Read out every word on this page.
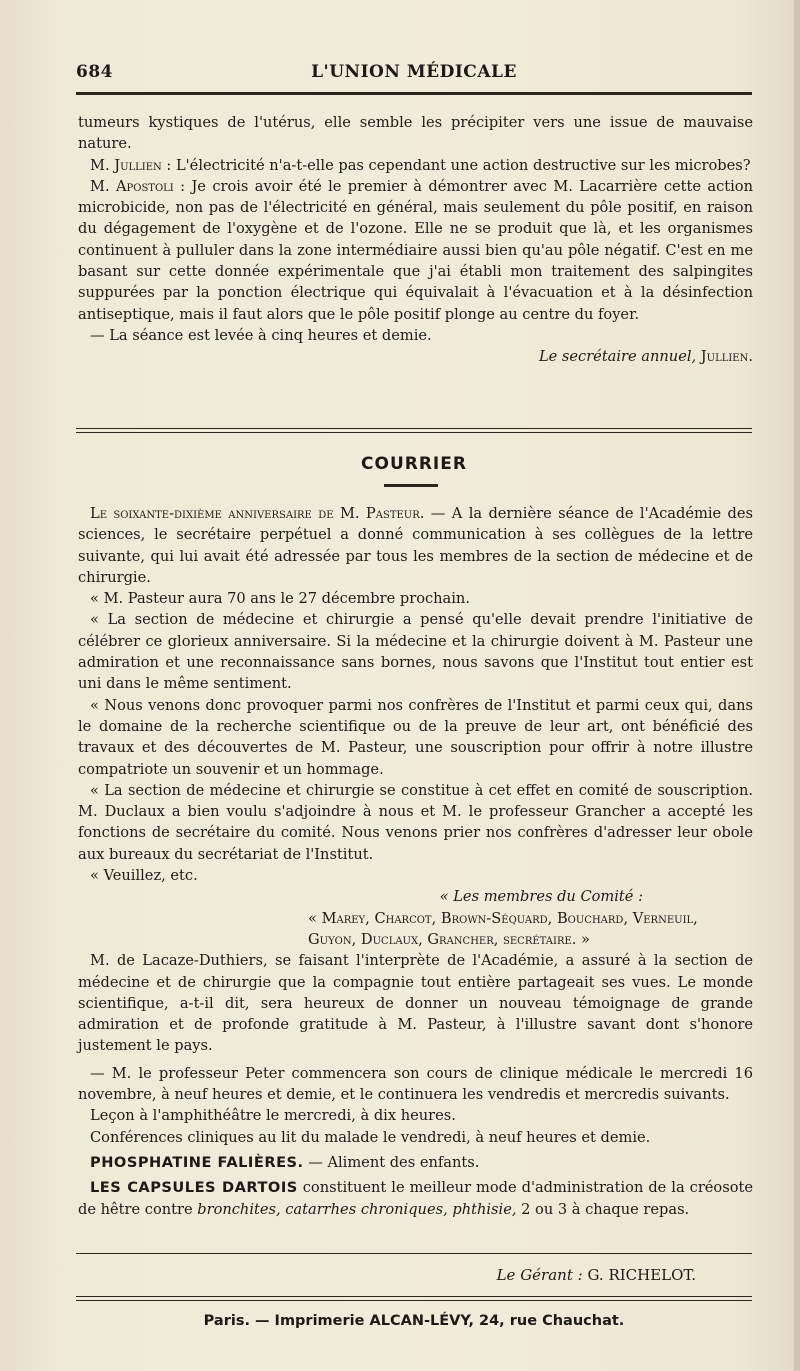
684	L'UNION MÉDICALE

tumeurs kystiques de l'utérus, elle semble les précipiter vers une issue de mauvaise nature.

M. Jullien : L'électricité n'a-t-elle pas cependant une action destructive sur les microbes?

M. Apostoli : Je crois avoir été le premier à démontrer avec M. Lacarrière cette action microbicide, non pas de l'électricité en général, mais seulement du pôle positif, en raison du dégagement de l'oxygène et de l'ozone. Elle ne se produit que là, et les organismes continuent à pulluler dans la zone intermédiaire aussi bien qu'au pôle négatif. C'est en me basant sur cette donnée expérimentale que j'ai établi mon traitement des salpingites suppurées par la ponction électrique qui équivalait à l'évacuation et à la désinfection antiseptique, mais il faut alors que le pôle positif plonge au centre du foyer.

— La séance est levée à cinq heures et demie.

Le secrétaire annuel, Jullien.

COURRIER

Le soixante-dixième anniversaire de M. Pasteur. — A la dernière séance de l'Académie des sciences, le secrétaire perpétuel a donné communication à ses collègues de la lettre suivante, qui lui avait été adressée par tous les membres de la section de médecine et de chirurgie.

« M. Pasteur aura 70 ans le 27 décembre prochain.

« La section de médecine et chirurgie a pensé qu'elle devait prendre l'initiative de célébrer ce glorieux anniversaire. Si la médecine et la chirurgie doivent à M. Pasteur une admiration et une reconnaissance sans bornes, nous savons que l'Institut tout entier est uni dans le même sentiment.

« Nous venons donc provoquer parmi nos confrères de l'Institut et parmi ceux qui, dans le domaine de la recherche scientifique ou de la preuve de leur art, ont bénéficié des travaux et des découvertes de M. Pasteur, une souscription pour offrir à notre illustre compatriote un souvenir et un hommage.

« La section de médecine et chirurgie se constitue à cet effet en comité de souscription. M. Duclaux a bien voulu s'adjoindre à nous et M. le professeur Grancher a accepté les fonctions de secrétaire du comité. Nous venons prier nos confrères d'adresser leur obole aux bureaux du secrétariat de l'Institut.

« Veuillez, etc.

« Les membres du Comité :

« Marey, Charcot, Brown-Séquard, Bouchard, Verneuil,

Guyon, Duclaux, Grancher, secrétaire. »

M. de Lacaze-Duthiers, se faisant l'interprète de l'Académie, a assuré à la section de médecine et de chirurgie que la compagnie tout entière partageait ses vues. Le monde scientifique, a-t-il dit, sera heureux de donner un nouveau témoignage de grande admiration et de profonde gratitude à M. Pasteur, à l'illustre savant dont s'honore justement le pays.

— M. le professeur Peter commencera son cours de clinique médicale le mercredi 16 novembre, à neuf heures et demie, et le continuera les vendredis et mercredis suivants.

Leçon à l'amphithéâtre le mercredi, à dix heures.

Conférences cliniques au lit du malade le vendredi, à neuf heures et demie.

PHOSPHATINE FALIÈRES. — Aliment des enfants.

LES CAPSULES DARTOIS constituent le meilleur mode d'administration de la créosote de hêtre contre bronchites, catarrhes chroniques, phthisie, 2 ou 3 à chaque repas.

Le Gérant : G. RICHELOT.
Paris. — Imprimerie ALCAN-LÉVY, 24, rue Chauchat.
